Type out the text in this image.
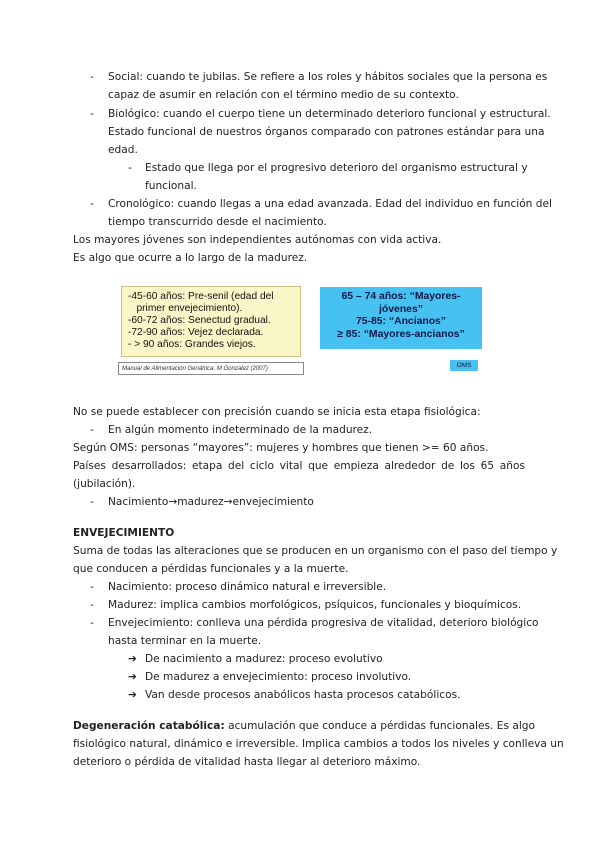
- Social: cuando te jubilas. Se refiere a los roles y hábitos sociales que la persona es
capaz de asumir en relación con el término medio de su contexto.
- Biológico: cuando el cuerpo tiene un determinado deterioro funcional y estructural.
Estado funcional de nuestros órganos comparado con patrones estándar para una
edad.
- Estado que llega por el progresivo deterioro del organismo estructural y
funcional.
- Cronológico: cuando llegas a una edad avanzada. Edad del individuo en función del
tiempo transcurrido desde el nacimiento.
Los mayores jóvenes son independientes autónomas con vida activa.
Es algo que ocurre a lo largo de la madurez.
-45-60 años: Pre-senil (edad del
primer envejecimiento).
-60-72 años: Senectud gradual.
-72-90 años: Vejez declarada.
- > 90 años: Grandes viejos.
Manual de Alimentación Geriátrica. M Gonzalez (2007)
65 – 74 años: “Mayores-
jóvenes”
75-85: “Ancianos”
≥ 85: “Mayores-ancianos”
OMS
No se puede establecer con precisión cuando se inicia esta etapa fisiológica:
- En algún momento indeterminado de la madurez.
Según OMS: personas “mayores”: mujeres y hombres que tienen >= 60 años.
Países desarrollados: etapa del ciclo vital que empieza alrededor de los 65 años
(jubilación).
- Nacimiento→madurez→envejecimiento
ENVEJECIMIENTO
Suma de todas las alteraciones que se producen en un organismo con el paso del tiempo y
que conducen a pérdidas funcionales y a la muerte.
- Nacimiento: proceso dinámico natural e irreversible.
- Madurez: implica cambios morfológicos, psíquicos, funcionales y bioquímicos.
- Envejecimiento: conlleva una pérdida progresiva de vitalidad, deterioro biológico
hasta terminar en la muerte.
➔ De nacimiento a madurez: proceso evolutivo
➔ De madurez a envejecimiento: proceso involutivo.
➔ Van desde procesos anabólicos hasta procesos catabólicos.
Degeneración catabólica: acumulación que conduce a pérdidas funcionales. Es algo
fisiológico natural, dinámico e irreversible. Implica cambios a todos los niveles y conlleva un
deterioro o pérdida de vitalidad hasta llegar al deterioro máximo.
